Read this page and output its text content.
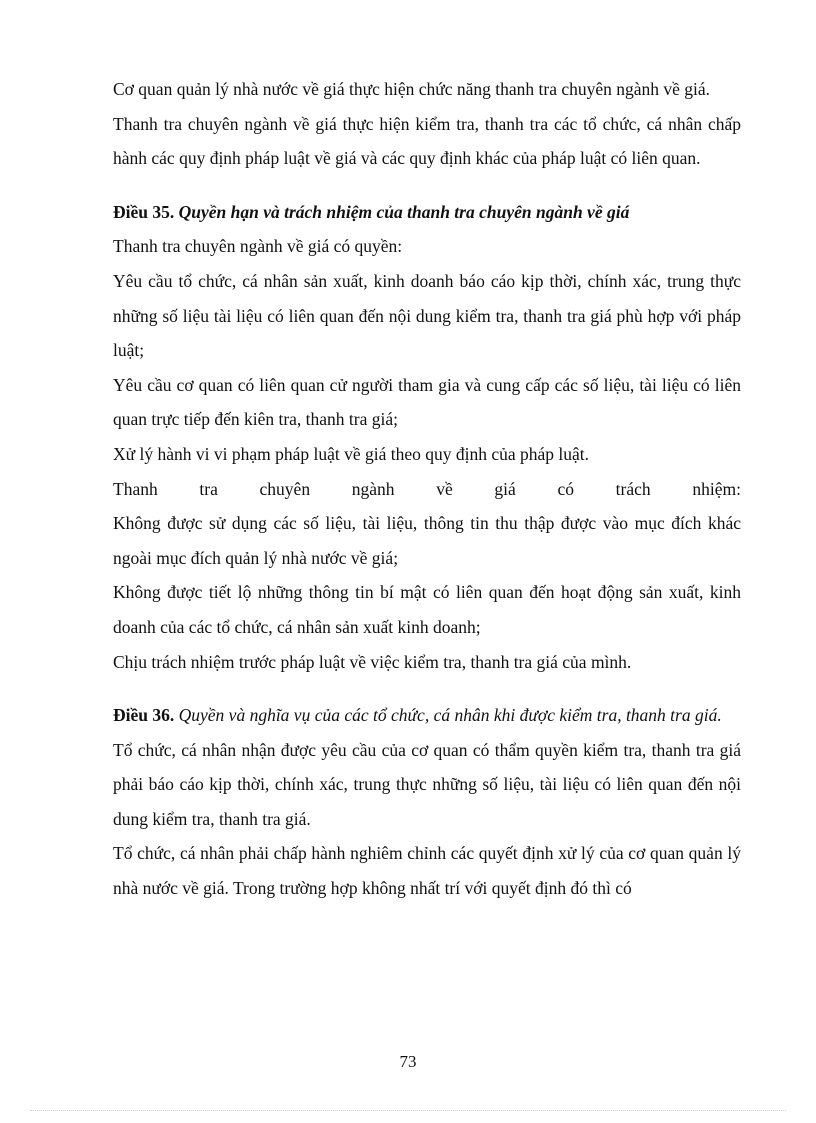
Cơ quan quản lý nhà nước về giá thực hiện chức năng thanh tra chuyên ngành về giá.

Thanh tra chuyên ngành về giá thực hiện kiểm tra, thanh tra các tổ chức, cá nhân chấp hành các quy định pháp luật về giá và các quy định khác của pháp luật có liên quan.

Điều 35. Quyền hạn và trách nhiệm của thanh tra chuyên ngành về giá

Thanh tra chuyên ngành về giá có quyền:

Yêu cầu tổ chức, cá nhân sản xuất, kinh doanh báo cáo kịp thời, chính xác, trung thực những số liệu tài liệu có liên quan đến nội dung kiểm tra, thanh tra giá phù hợp với pháp luật;

Yêu cầu cơ quan có liên quan cử người tham gia và cung cấp các số liệu, tài liệu có liên quan trực tiếp đến kiên tra, thanh tra giá;

Xử lý hành vi vi phạm pháp luật về giá theo quy định của pháp luật.

Thanh tra chuyên ngành về giá có trách nhiệm:

Không được sử dụng các số liệu, tài liệu, thông tin thu thập được vào mục đích khác ngoài mục đích quản lý nhà nước về giá;

Không được tiết lộ những thông tin bí mật có liên quan đến hoạt động sản xuất, kinh doanh của các tổ chức, cá nhân sản xuất kinh doanh;

Chịu trách nhiệm trước pháp luật về việc kiểm tra, thanh tra giá của mình.

Điều 36. Quyền và nghĩa vụ của các tổ chức, cá nhân khi được kiểm tra, thanh tra giá.

Tổ chức, cá nhân nhận được yêu cầu của cơ quan có thẩm quyền kiểm tra, thanh tra giá phải báo cáo kịp thời, chính xác, trung thực những số liệu, tài liệu có liên quan đến nội dung kiểm tra, thanh tra giá.

Tổ chức, cá nhân phải chấp hành nghiêm chỉnh các quyết định xử lý của cơ quan quản lý nhà nước về giá. Trong trường hợp không nhất trí với quyết định đó thì có

73
